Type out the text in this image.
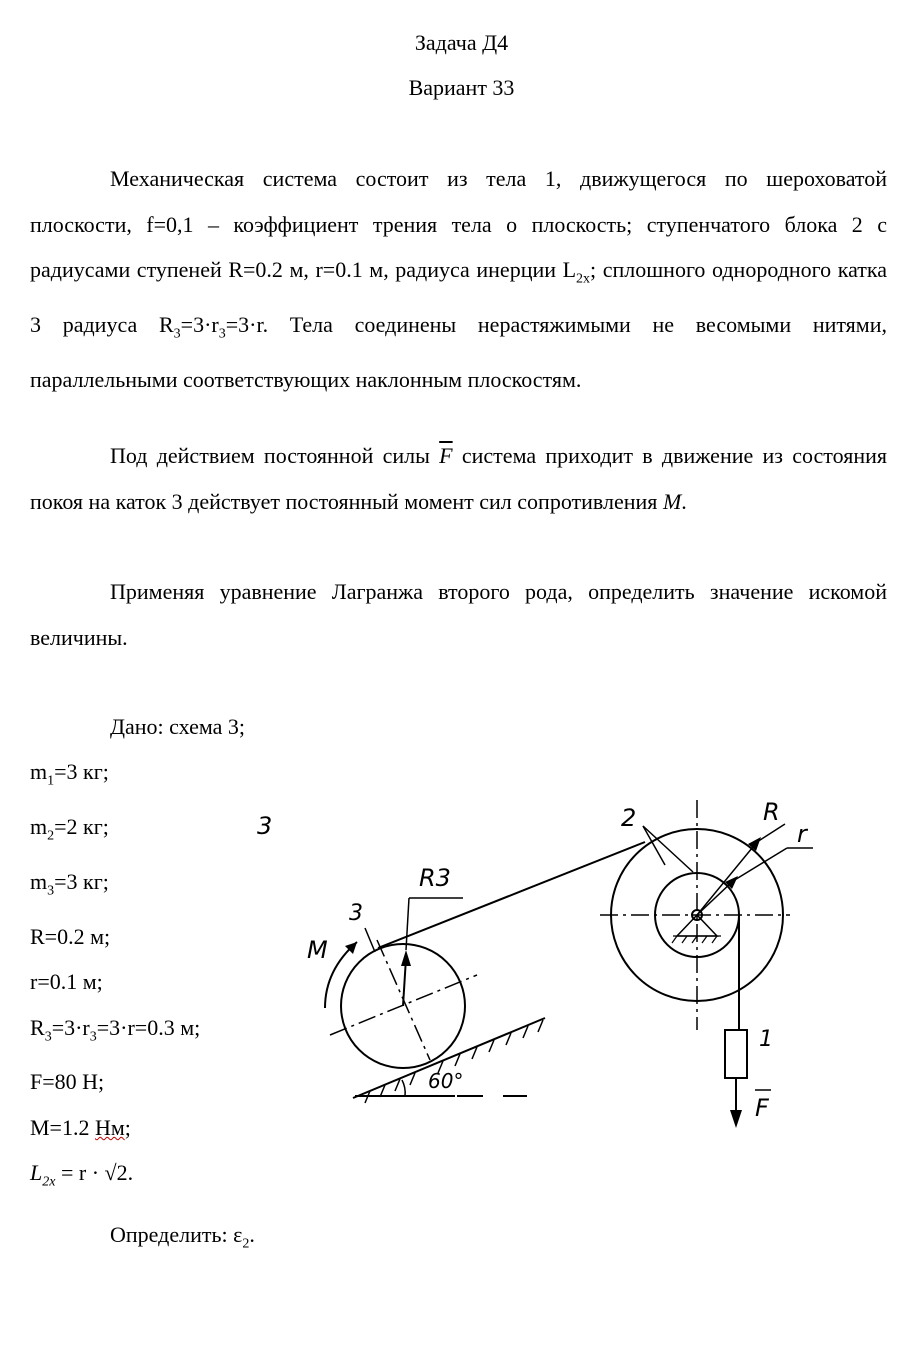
Задача Д4
Вариант 33

Механическая система состоит из тела 1, движущегося по шероховатой плоскости, f=0,1 – коэффициент трения тела о плоскость; ступенчатого блока 2 с радиусами ступеней R=0.2 м, r=0.1 м, радиуса инерции $L_{2x}$; сплошного однородного катка 3 радиуса $R_3=3\cdot r_3=3\cdot r$. Тела соединены нерастяжимыми не весомыми нитями, параллельными соответствующих наклонным плоскостям.

Под действием постоянной силы $\overline{F}$ система приходит в движение из состояния покоя на каток 3 действует постоянный момент сил сопротивления M.

Применяя уравнение Лагранжа второго рода, определить значение искомой величины.

Дано: схема 3;
$m_1=3$ кг;
$m_2=2$ кг;
$m_3=3$ кг;
R=0.2 м;
r=0.1 м;
$R_3=3\cdot r_3=3\cdot r=0.3$ м;
F=80 Н;
M=1.2 Нм;
$L_{2x} = r \cdot √2$.
Определить: $\varepsilon_2$.
3
60°
R3
3
M
R
r
2
1
F
